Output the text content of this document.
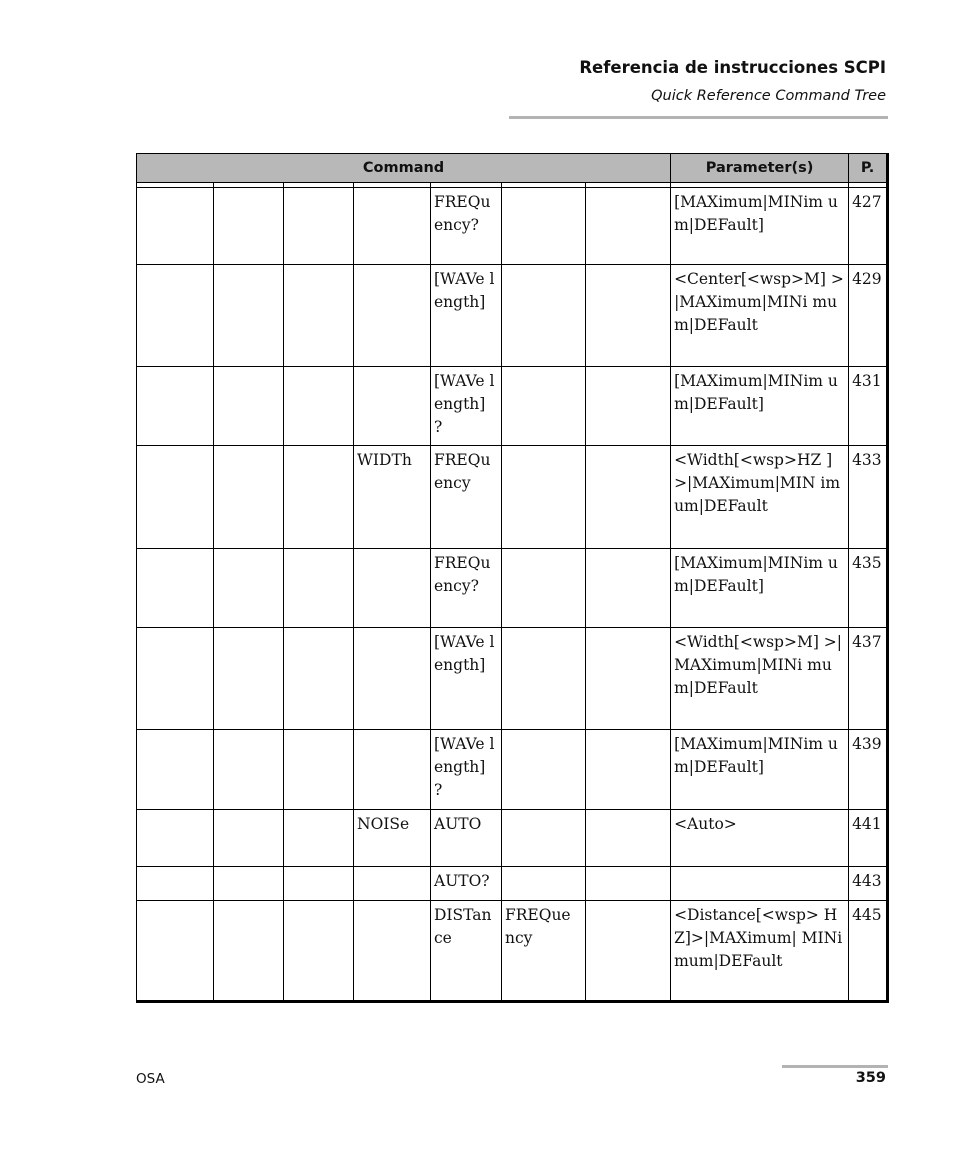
Referencia de instrucciones SCPI
Quick Reference Command Tree
Command							Parameter(s)	P.

				FREQu ency?			[MAXimum|MINim um|DEFault]	427
				[WAVe length]			<Center[<wsp>M] >|MAXimum|MINi mum|DEFault	429
				[WAVe length] ?			[MAXimum|MINim um|DEFault]	431
			WIDTh	FREQu ency			<Width[<wsp>HZ ]>|MAXimum|MIN imum|DEFault	433
				FREQu ency?			[MAXimum|MINim um|DEFault]	435
				[WAVe length]			<Width[<wsp>M] >|MAXimum|MINi mum|DEFault	437
				[WAVe length] ?			[MAXimum|MINim um|DEFault]	439
			NOISe	AUTO			<Auto>	441
				AUTO?				443
				DISTan ce	FREQue ncy		<Distance[<wsp> HZ]>|MAXimum| MINimum|DEFault	445
OSA	359
